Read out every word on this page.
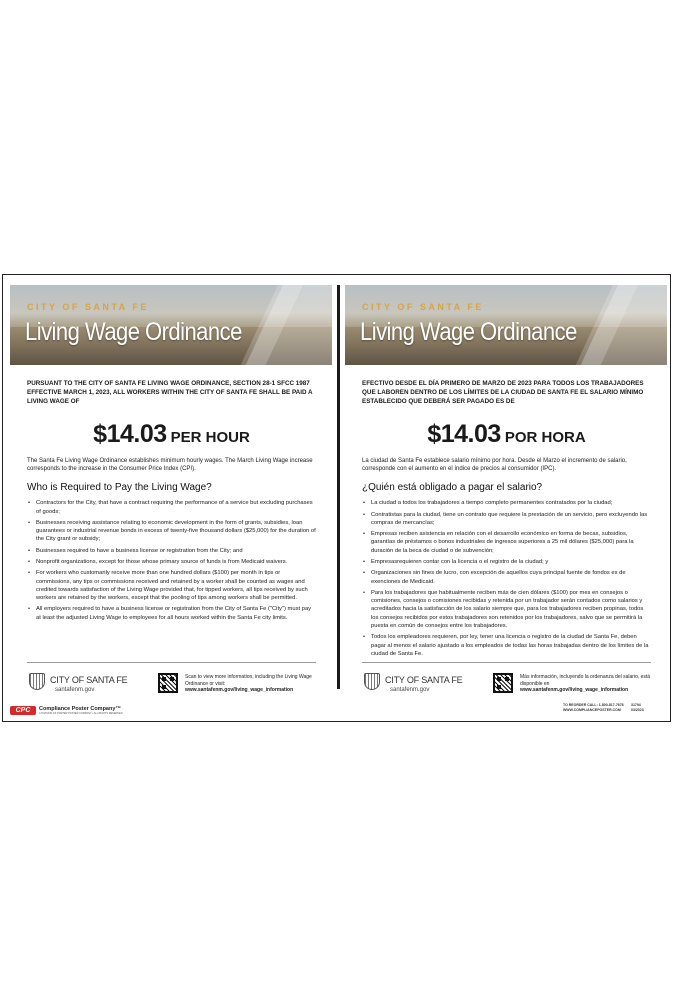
CITY OF SANTA FE
Living Wage Ordinance
PURSUANT TO THE CITY OF SANTA FE LIVING WAGE ORDINANCE, SECTION 28-1 SFCC 1987 EFFECTIVE MARCH 1, 2023, ALL WORKERS WITHIN THE CITY OF SANTA FE SHALL BE PAID A LIVING WAGE OF
$14.03 PER HOUR
The Santa Fe Living Wage Ordinance establishes minimum hourly wages. The March Living Wage increase corresponds to the increase in the Consumer Price Index (CPI).
Who is Required to Pay the Living Wage?
• Contractors for the City, that have a contract requiring the performance of a service but excluding purchases of goods;
• Businesses receiving assistance relating to economic development in the form of grants, subsidies, loan guarantees or industrial revenue bonds in excess of twenty-five thousand dollars ($25,000) for the duration of the City grant or subsidy;
• Businesses required to have a business license or registration from the City; and
• Nonprofit organizations, except for those whose primary source of funds is from Medicaid waivers.
• For workers who customarily receive more than one hundred dollars ($100) per month in tips or commissions, any tips or commissions received and retained by a worker shall be counted as wages and credited towards satisfaction of the Living Wage provided that, for tipped workers, all tips received by such workers are retained by the workers, except that the pooling of tips among workers shall be permitted.
• All employers required to have a business license or registration from the City of Santa Fe ("City") must pay at least the adjusted Living Wage to employees for all hours worked within the Santa Fe city limits.
CITY OF SANTA FE
santafenm.gov
Scan to view more information, including the Living Wage Ordinance or visit:
www.santafenm.gov/living_wage_information
CITY OF SANTA FE
Living Wage Ordinance
EFECTIVO DESDE EL DÍA PRIMERO DE MARZO DE 2023 PARA TODOS LOS TRABAJADORES QUE LABOREN DENTRO DE LOS LÍMITES DE LA CIUDAD DE SANTA FE EL SALARIO MÍNIMO ESTABLECIDO QUE DEBERÁ SER PAGADO ES DE
$14.03 POR HORA
La ciudad de Santa Fe establece salario mínimo por hora. Desde el Marzo el incremento de salario, corresponde con el aumento en el índice de precios al consumidor (IPC).
¿Quién está obligado a pagar el salario?
• La ciudad a todos los trabajadores a tiempo completo permanentes contratados por la ciudad;
• Contratistas para la ciudad, tiene un contrato que requiere la prestación de un servicio, pero excluyendo las compras de mercancías;
• Empresas reciben asistencia en relación con el desarrollo económico en forma de becas, subsidios, garantías de préstamos o bonos industriales de ingresos superiores a 25 mil dólares ($25,000) para la duración de la beca de ciudad o de subvención;
• Empresasrequieren contar con la licencia o el registro de la ciudad; y
• Organizaciones sin fines de lucro, con excepción de aquellos cuya principal fuente de fondos es de exenciones de Medicaid.
• Para los trabajadores que habitualmente reciben más de cien dólares ($100) por mes en consejos o comisiones, consejos o comisiones recibidas y retenida por un trabajador serán contados como salarios y acreditados hacia la satisfacción de los salario siempre que, para los trabajadores reciben propinas, todos los consejos recibidos por estos trabajadores son retenidos por los trabajadores, salvo que se permitirá la puesta en común de consejos entre los trabajadores.
• Todos los empleadores requieren, por ley, tener una licencia o registro de la ciudad de Santa Fe, deben pagar al menos el salario ajustado a los empleados de todas las horas trabajadas dentro de los límites de la ciudad de Santa Fe.
CITY OF SANTA FE
santafenm.gov
Más información, incluyendo la ordenanza del salario, está disponible en
www.santafenm.gov/living_wage_information
CPC	Compliance Poster Company™
A DIVISION OF PORTER POSTER COMPANY • ALL RIGHTS RESERVED
TO REORDER CALL: 1-800-817-7678
WWW.COMPLIANCEPOSTER.COM
31794
03/2023
